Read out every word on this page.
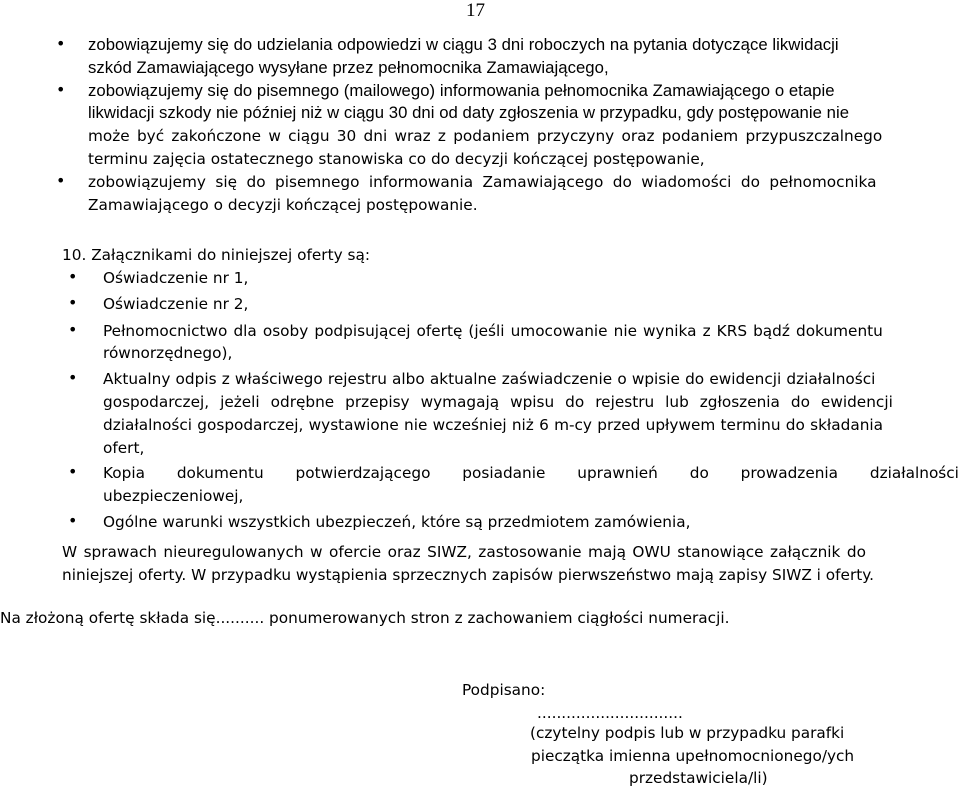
17
• zobowiązujemy się do udzielania odpowiedzi w ciągu 3 dni roboczych na pytania dotyczące likwidacji
szkód Zamawiającego wysyłane przez pełnomocnika Zamawiającego,
• zobowiązujemy się do pisemnego (mailowego) informowania pełnomocnika Zamawiającego o etapie
likwidacji szkody nie później niż w ciągu 30 dni od daty zgłoszenia w przypadku, gdy postępowanie nie
może być zakończone w ciągu 30 dni wraz z podaniem przyczyny oraz podaniem przypuszczalnego
terminu zajęcia ostatecznego stanowiska co do decyzji kończącej postępowanie,
• zobowiązujemy się do pisemnego informowania Zamawiającego do wiadomości do pełnomocnika
Zamawiającego o decyzji kończącej postępowanie.
10. Załącznikami do niniejszej oferty są:
• Oświadczenie nr 1,
• Oświadczenie nr 2,
• Pełnomocnictwo dla osoby podpisującej ofertę (jeśli umocowanie nie wynika z KRS bądź dokumentu
równorzędnego),
• Aktualny odpis z właściwego rejestru albo aktualne zaświadczenie o wpisie do ewidencji działalności
gospodarczej, jeżeli odrębne przepisy wymagają wpisu do rejestru lub zgłoszenia do ewidencji
działalności gospodarczej, wystawione nie wcześniej niż 6 m-cy przed upływem terminu do składania
ofert,
• Kopia dokumentu potwierdzającego posiadanie uprawnień do prowadzenia działalności
ubezpieczeniowej,
• Ogólne warunki wszystkich ubezpieczeń, które są przedmiotem zamówienia,
W sprawach nieuregulowanych w ofercie oraz SIWZ, zastosowanie mają OWU stanowiące załącznik do
niniejszej oferty. W przypadku wystąpienia sprzecznych zapisów pierwszeństwo mają zapisy SIWZ i oferty.
Na złożoną ofertę składa się.......... ponumerowanych stron z zachowaniem ciągłości numeracji.
Podpisano:
..............................
(czytelny podpis lub w przypadku parafki
pieczątka imienna upełnomocnionego/ych
przedstawiciela/li)
